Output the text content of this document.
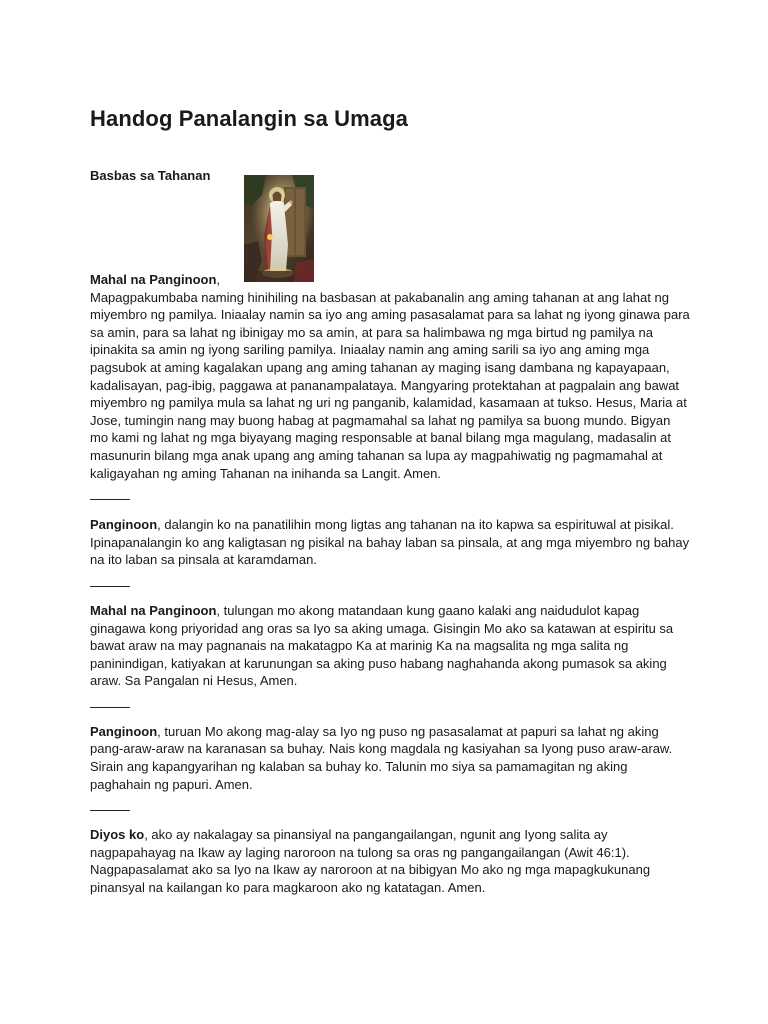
Handog Panalangin sa Umaga
Basbas sa Tahanan

Mahal na Panginoon,
Mapagpakumbaba naming hinihiling na basbasan at pakabanalin ang aming tahanan at ang lahat ng miyembro ng pamilya. Iniaalay namin sa iyo ang aming pasasalamat para sa lahat ng iyong ginawa para sa amin, para sa lahat ng ibinigay mo sa amin, at para sa halimbawa ng mga birtud ng pamilya na ipinakita sa amin ng iyong sariling pamilya. Iniaalay namin ang aming sarili sa iyo ang aming mga pagsubok at aming kagalakan upang ang aming tahanan ay maging isang dambana ng kapayapaan, kadalisayan, pag-ibig, paggawa at pananampalataya. Mangyaring protektahan at pagpalain ang bawat miyembro ng pamilya mula sa lahat ng uri ng panganib, kalamidad, kasamaan at tukso. Hesus, Maria at Jose, tumingin nang may buong habag at pagmamahal sa lahat ng pamilya sa buong mundo. Bigyan mo kami ng lahat ng mga biyayang maging responsable at banal bilang mga magulang, madasalin at masunurin bilang mga anak upang ang aming tahanan sa lupa ay magpahiwatig ng pagmamahal at kaligayahan ng aming Tahanan na inihanda sa Langit. Amen.

Panginoon, dalangin ko na panatilihin mong ligtas ang tahanan na ito kapwa sa espirituwal at pisikal. Ipinapanalangin ko ang kaligtasan ng pisikal na bahay laban sa pinsala, at ang mga miyembro ng bahay na ito laban sa pinsala at karamdaman.

Mahal na Panginoon, tulungan mo akong matandaan kung gaano kalaki ang naidudulot kapag ginagawa kong priyoridad ang oras sa Iyo sa aking umaga. Gisingin Mo ako sa katawan at espiritu sa bawat araw na may pagnanais na makatagpo Ka at marinig Ka na magsalita ng mga salita ng paninindigan, katiyakan at karunungan sa aking puso habang naghahanda akong pumasok sa aking araw. Sa Pangalan ni Hesus, Amen.

Panginoon, turuan Mo akong mag-alay sa Iyo ng puso ng pasasalamat at papuri sa lahat ng aking pang-araw-araw na karanasan sa buhay. Nais kong magdala ng kasiyahan sa Iyong puso araw-araw. Sirain ang kapangyarihan ng kalaban sa buhay ko. Talunin mo siya sa pamamagitan ng aking paghahain ng papuri. Amen.

Diyos ko, ako ay nakalagay sa pinansiyal na pangangailangan, ngunit ang Iyong salita ay nagpapahayag na Ikaw ay laging naroroon na tulong sa oras ng pangangailangan (Awit 46:1). Nagpapasalamat ako sa Iyo na Ikaw ay naroroon at na bibigyan Mo ako ng mga mapagkukunang pinansyal na kailangan ko para magkaroon ako ng katatagan. Amen.
